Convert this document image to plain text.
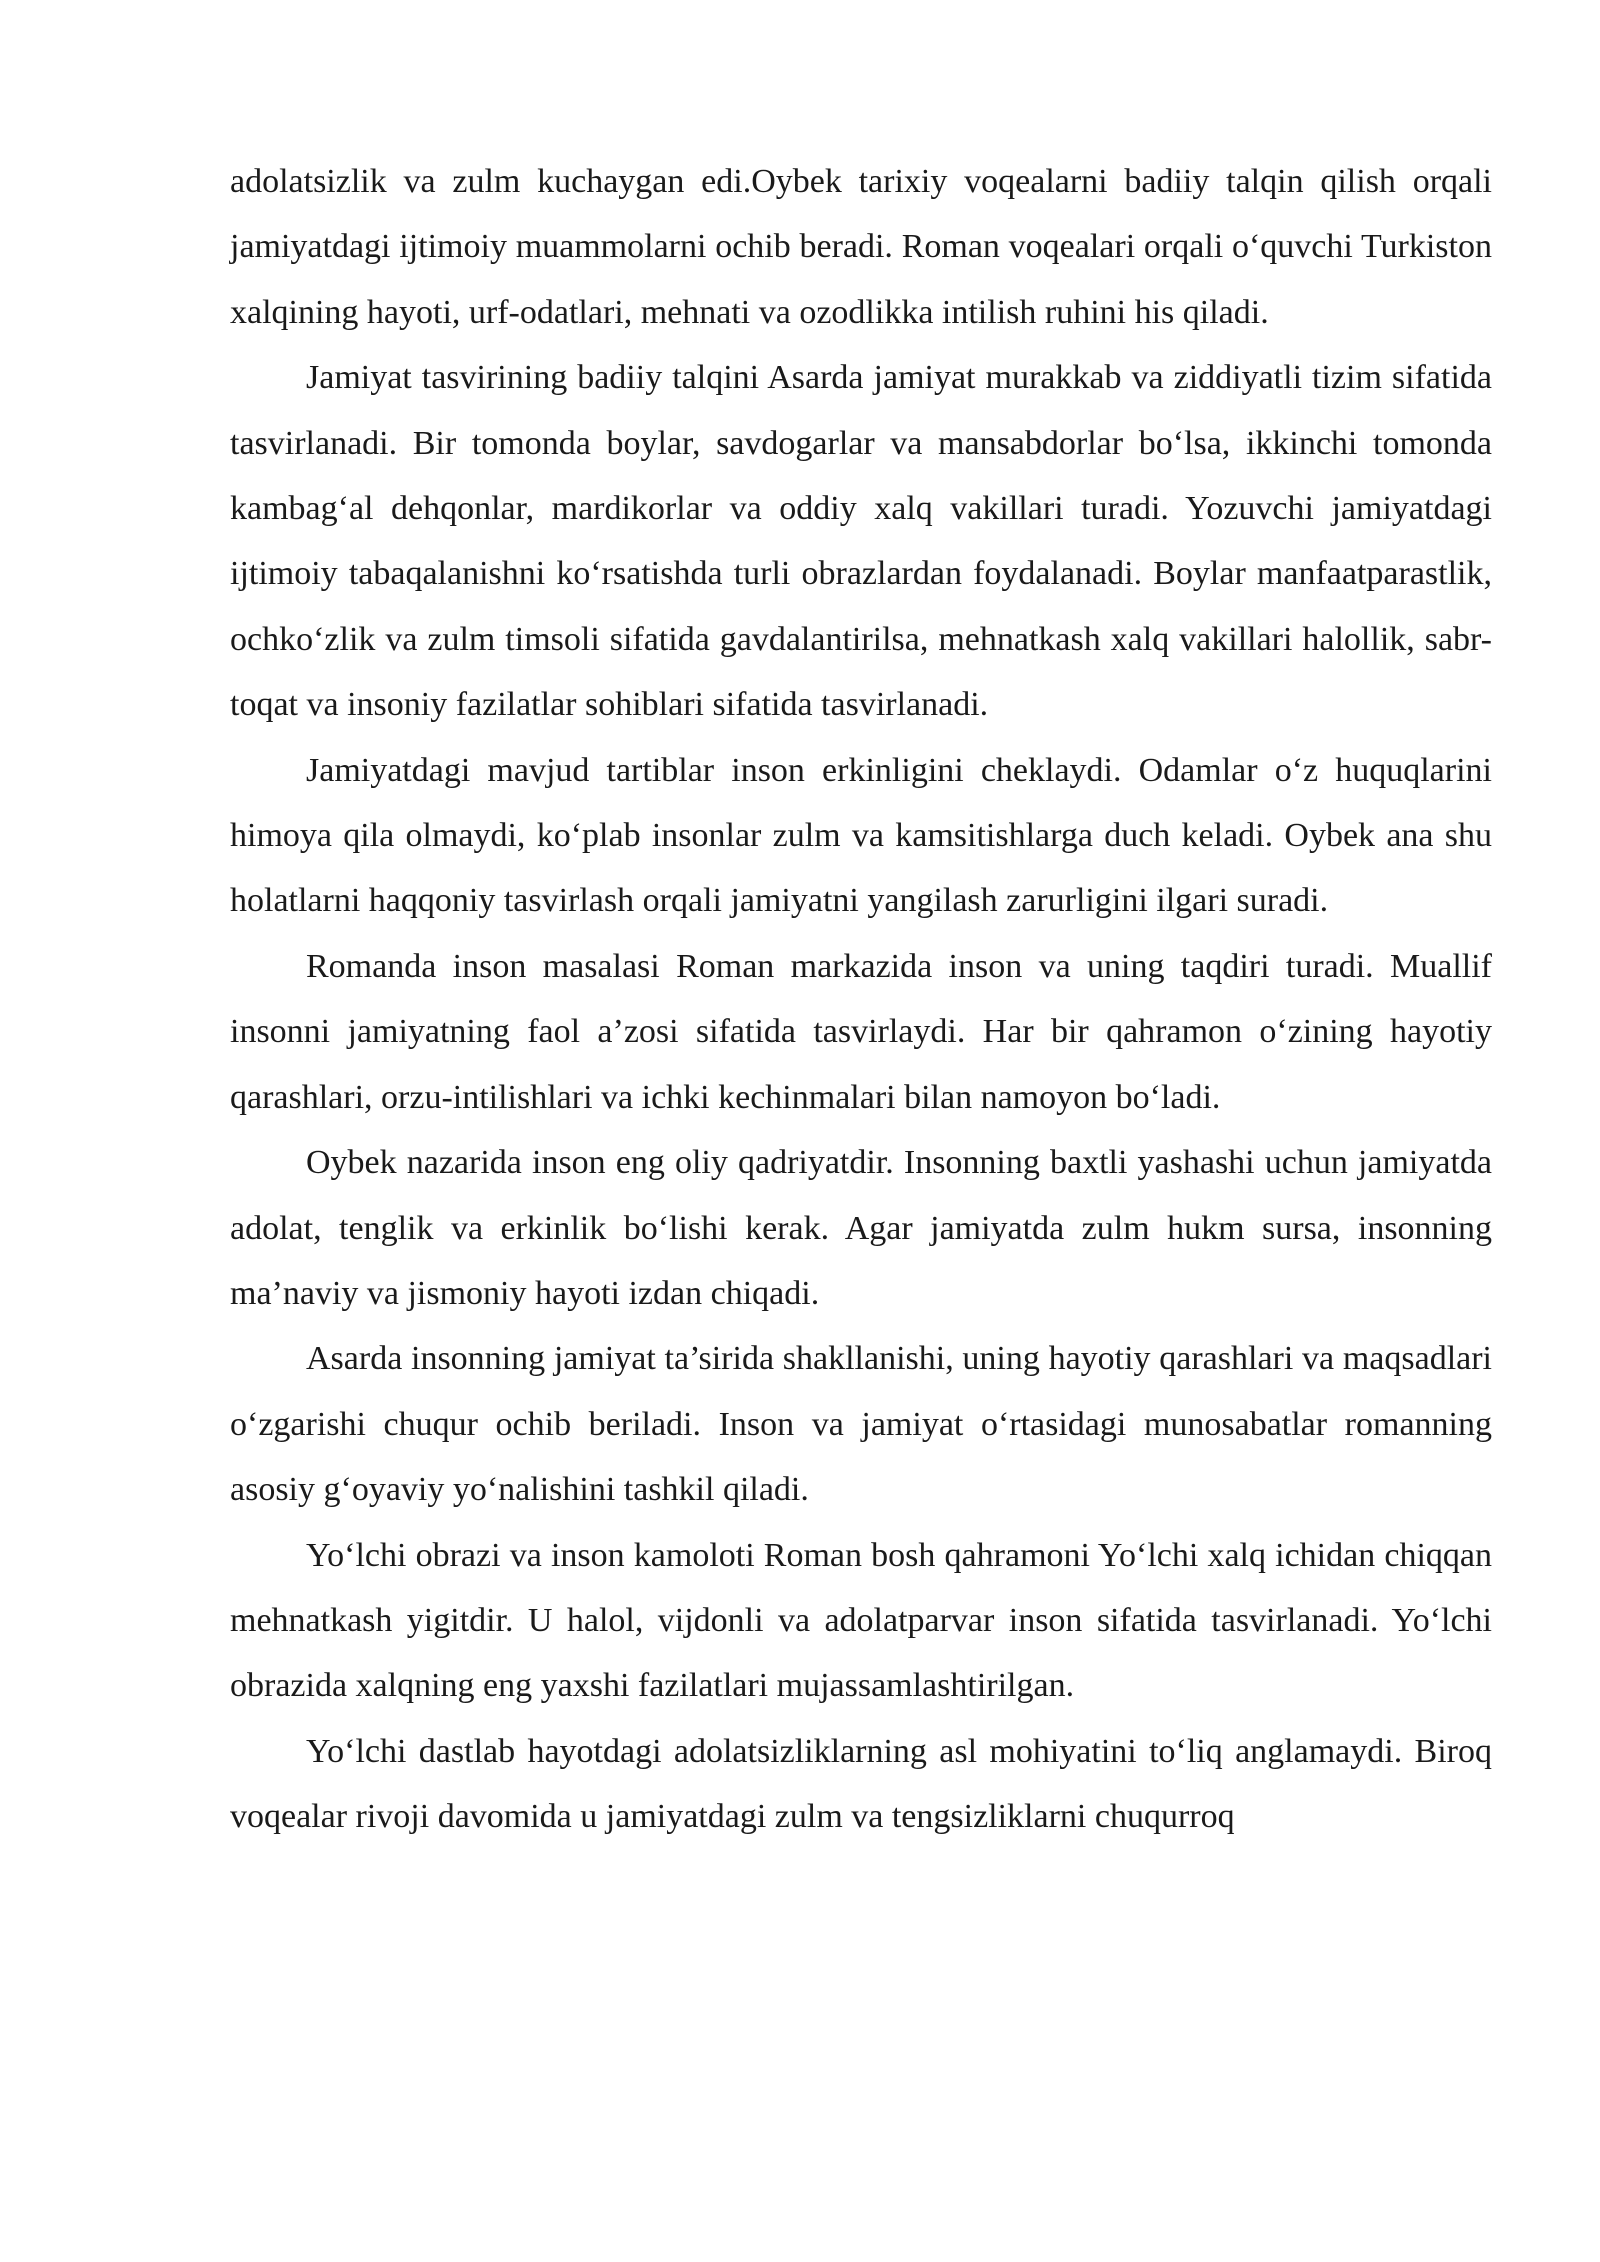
adolatsizlik va zulm kuchaygan edi.Oybek tarixiy voqealarni badiiy talqin qilish orqali jamiyatdagi ijtimoiy muammolarni ochib beradi. Roman voqealari orqali o‘quvchi Turkiston xalqining hayoti, urf-odatlari, mehnati va ozodlikka intilish ruhini his qiladi.

Jamiyat tasvirining badiiy talqini Asarda jamiyat murakkab va ziddiyatli tizim sifatida tasvirlanadi. Bir tomonda boylar, savdogarlar va mansabdorlar bo‘lsa, ikkinchi tomonda kambag‘al dehqonlar, mardikorlar va oddiy xalq vakillari turadi. Yozuvchi jamiyatdagi ijtimoiy tabaqalanishni ko‘rsatishda turli obrazlardan foydalanadi. Boylar manfaatparastlik, ochko‘zlik va zulm timsoli sifatida gavdalantirilsa, mehnatkash xalq vakillari halollik, sabr-toqat va insoniy fazilatlar sohiblari sifatida tasvirlanadi.

Jamiyatdagi mavjud tartiblar inson erkinligini cheklaydi. Odamlar o‘z huquqlarini himoya qila olmaydi, ko‘plab insonlar zulm va kamsitishlarga duch keladi. Oybek ana shu holatlarni haqqoniy tasvirlash orqali jamiyatni yangilash zarurligini ilgari suradi.

Romanda inson masalasi Roman markazida inson va uning taqdiri turadi. Muallif insonni jamiyatning faol a’zosi sifatida tasvirlaydi. Har bir qahramon o‘zining hayotiy qarashlari, orzu-intilishlari va ichki kechinmalari bilan namoyon bo‘ladi.

Oybek nazarida inson eng oliy qadriyatdir. Insonning baxtli yashashi uchun jamiyatda adolat, tenglik va erkinlik bo‘lishi kerak. Agar jamiyatda zulm hukm sursa, insonning ma’naviy va jismoniy hayoti izdan chiqadi.

Asarda insonning jamiyat ta’sirida shakllanishi, uning hayotiy qarashlari va maqsadlari o‘zgarishi chuqur ochib beriladi. Inson va jamiyat o‘rtasidagi munosabatlar romanning asosiy g‘oyaviy yo‘nalishini tashkil qiladi.

Yo‘lchi obrazi va inson kamoloti Roman bosh qahramoni Yo‘lchi xalq ichidan chiqqan mehnatkash yigitdir. U halol, vijdonli va adolatparvar inson sifatida tasvirlanadi. Yo‘lchi obrazida xalqning eng yaxshi fazilatlari mujassamlashtirilgan.

Yo‘lchi dastlab hayotdagi adolatsizliklarning asl mohiyatini to‘liq anglamaydi. Biroq voqealar rivoji davomida u jamiyatdagi zulm va tengsizliklarni chuqurroq
